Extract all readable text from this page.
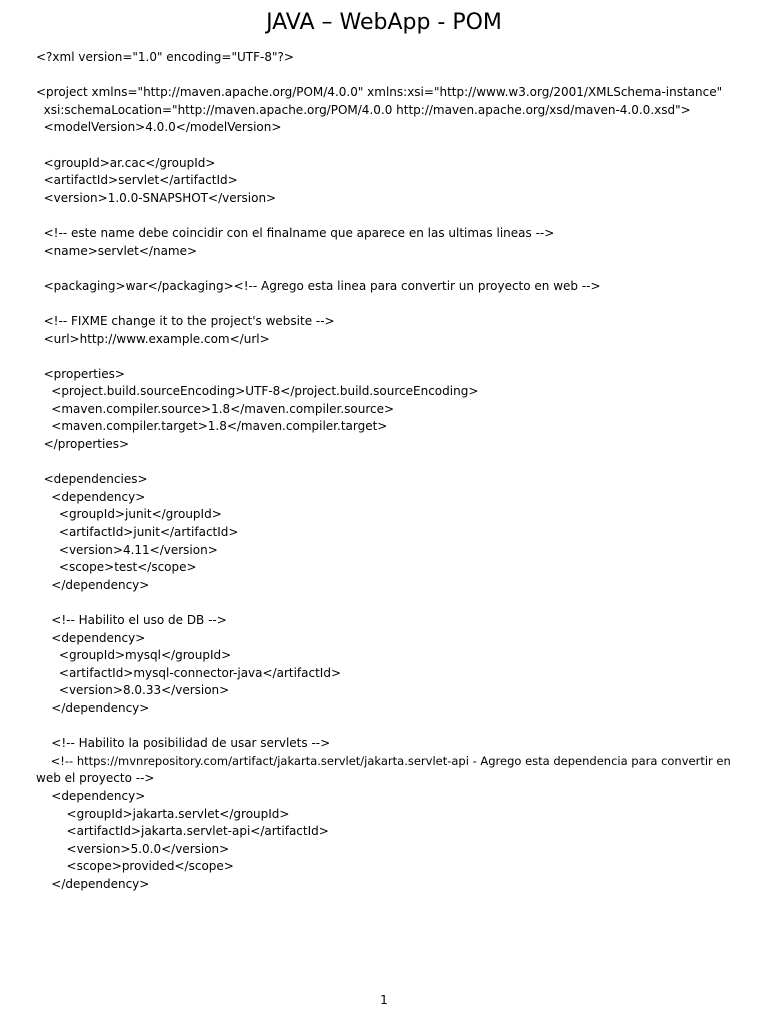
JAVA – WebApp - POM
<?xml version="1.0" encoding="UTF-8"?>
<project xmlns="http://maven.apache.org/POM/4.0.0" xmlns:xsi="http://www.w3.org/2001/XMLSchema-instance"
xsi:schemaLocation="http://maven.apache.org/POM/4.0.0 http://maven.apache.org/xsd/maven-4.0.0.xsd">
<modelVersion>4.0.0</modelVersion>
<groupId>ar.cac</groupId>
<artifactId>servlet</artifactId>
<version>1.0.0-SNAPSHOT</version>
<!-- este name debe coincidir con el finalname que aparece en las ultimas lineas -->
<name>servlet</name>
<packaging>war</packaging><!-- Agrego esta linea para convertir un proyecto en web -->
<!-- FIXME change it to the project's website -->
<url>http://www.example.com</url>
<properties>
<project.build.sourceEncoding>UTF-8</project.build.sourceEncoding>
<maven.compiler.source>1.8</maven.compiler.source>
<maven.compiler.target>1.8</maven.compiler.target>
</properties>
<dependencies>
<dependency>
<groupId>junit</groupId>
<artifactId>junit</artifactId>
<version>4.11</version>
<scope>test</scope>
</dependency>
<!-- Habilito el uso de DB -->
<dependency>
<groupId>mysql</groupId>
<artifactId>mysql-connector-java</artifactId>
<version>8.0.33</version>
</dependency>
<!-- Habilito la posibilidad de usar servlets -->
<!-- https://mvnrepository.com/artifact/jakarta.servlet/jakarta.servlet-api - Agrego esta dependencia para convertir en
web el proyecto -->
<dependency>
<groupId>jakarta.servlet</groupId>
<artifactId>jakarta.servlet-api</artifactId>
<version>5.0.0</version>
<scope>provided</scope>
</dependency>
1
